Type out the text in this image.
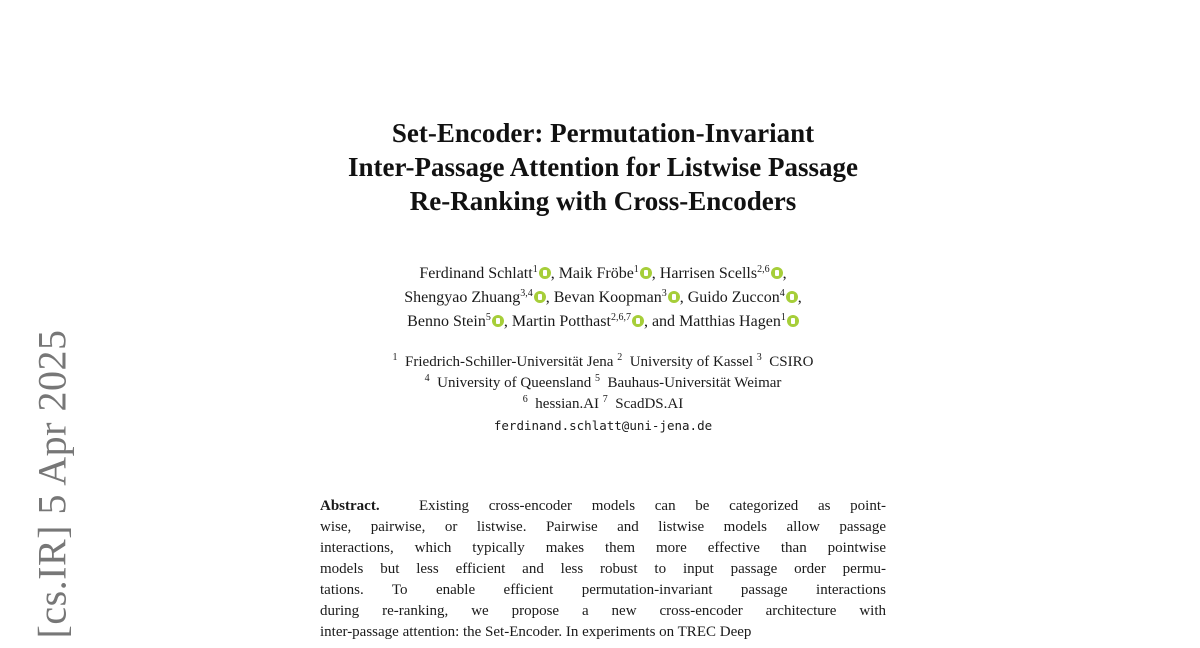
[cs.IR] 5 Apr 2025
Set-Encoder: Permutation-Invariant
Inter-Passage Attention for Listwise Passage
Re-Ranking with Cross-Encoders
Ferdinand Schlatt$^1$ , Maik Fröbe$^1$ , Harrisen Scells$^{2,6}$ ,
Shengyao Zhuang$^{3,4}$ , Bevan Koopman$^3$ , Guido Zuccon$^4$ ,
Benno Stein$^5$ , Martin Potthast$^{2,6,7}$ , and Matthias Hagen$^1$
$^1$ Friedrich-Schiller-Universität Jena $^2$ University of Kassel $^3$ CSIRO
$^4$ University of Queensland $^5$ Bauhaus-Universität Weimar
$^6$ hessian.AI $^7$ ScadDS.AI
ferdinand.schlatt@uni-jena.de
Abstract.	Existing cross-encoder models can be categorized as point-
wise, pairwise, or listwise. Pairwise and listwise models allow passage
interactions, which typically makes them more effective than pointwise
models but less efficient and less robust to input passage order permu-
tations. To enable efficient permutation-invariant passage interactions
during re-ranking, we propose a new cross-encoder architecture with
inter-passage attention: the Set-Encoder. In experiments on TREC Deep
